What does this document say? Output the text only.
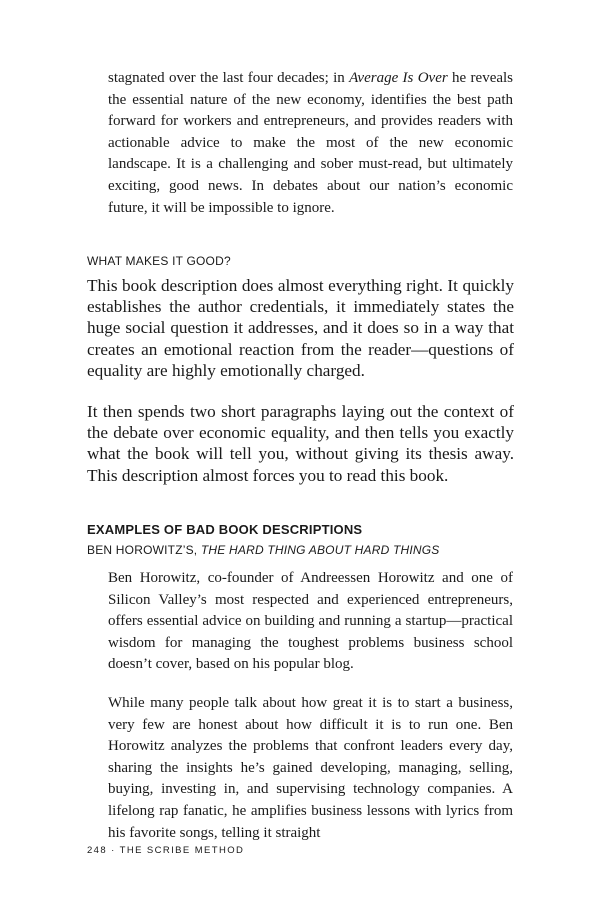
stagnated over the last four decades; in Average Is Over he reveals the essential nature of the new economy, identifies the best path forward for workers and entrepreneurs, and provides readers with actionable advice to make the most of the new economic landscape. It is a challenging and sober must-read, but ultimately exciting, good news. In debates about our nation’s economic future, it will be impossible to ignore.

WHAT MAKES IT GOOD?

This book description does almost everything right. It quickly establishes the author credentials, it immediately states the huge social question it addresses, and it does so in a way that creates an emotional reaction from the reader—questions of equality are highly emotionally charged.

It then spends two short paragraphs laying out the context of the debate over economic equality, and then tells you exactly what the book will tell you, without giving its thesis away. This description almost forces you to read this book.

EXAMPLES OF BAD BOOK DESCRIPTIONS
BEN HOROWITZ’S, THE HARD THING ABOUT HARD THINGS

Ben Horowitz, co-founder of Andreessen Horowitz and one of Silicon Valley’s most respected and experienced entrepreneurs, offers essential advice on building and running a startup—practical wisdom for managing the toughest problems business school doesn’t cover, based on his popular blog.

While many people talk about how great it is to start a business, very few are honest about how difficult it is to run one. Ben Horowitz analyzes the problems that confront leaders every day, sharing the insights he’s gained developing, managing, selling, buying, investing in, and supervising technology companies. A lifelong rap fanatic, he amplifies business lessons with lyrics from his favorite songs, telling it straight

248 · THE SCRIBE METHOD
